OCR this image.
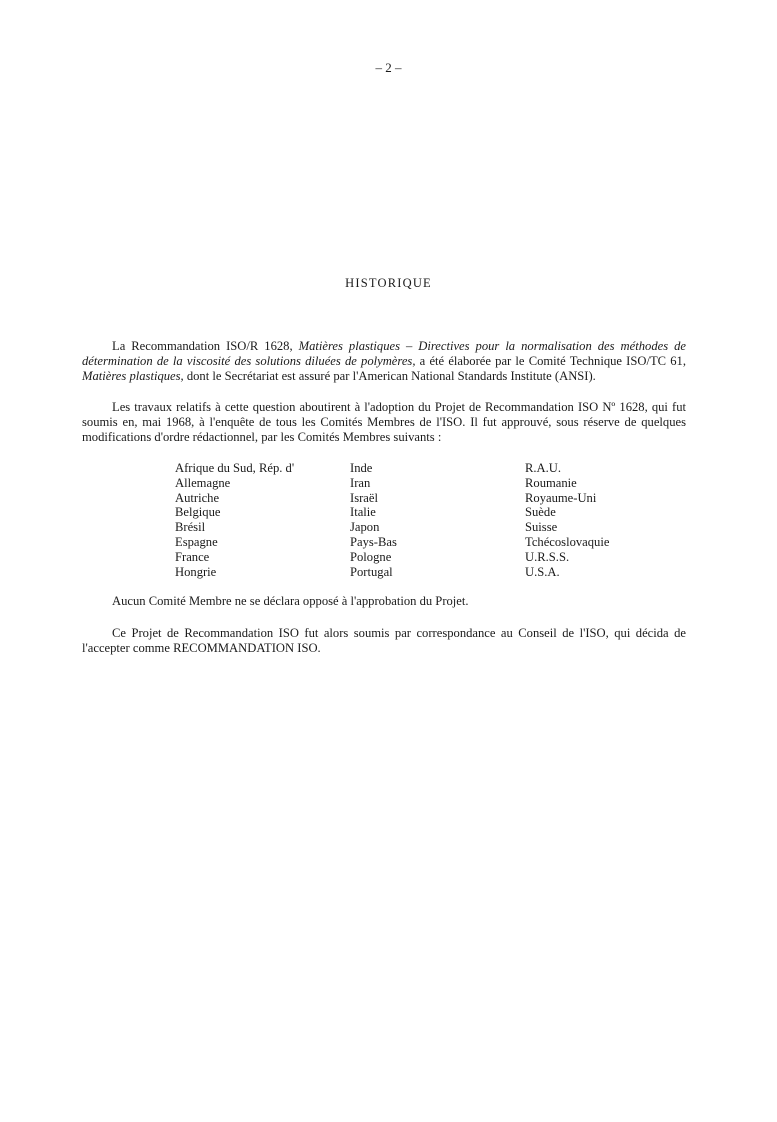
– 2 –
HISTORIQUE
La Recommandation ISO/R 1628, Matières plastiques – Directives pour la normalisation des méthodes de détermination de la viscosité des solutions diluées de polymères, a été élaborée par le Comité Technique ISO/TC 61, Matières plastiques, dont le Secrétariat est assuré par l'American National Standards Institute (ANSI).
Les travaux relatifs à cette question aboutirent à l'adoption du Projet de Recommandation ISO Nº 1628, qui fut soumis en, mai 1968, à l'enquête de tous les Comités Membres de l'ISO. Il fut approuvé, sous réserve de quelques modifications d'ordre rédactionnel, par les Comités Membres suivants :
Afrique du Sud, Rép. d'
Allemagne
Autriche
Belgique
Brésil
Espagne
France
Hongrie
Inde
Iran
Israël
Italie
Japon
Pays-Bas
Pologne
Portugal
R.A.U.
Roumanie
Royaume-Uni
Suède
Suisse
Tchécoslovaquie
U.R.S.S.
U.S.A.
Aucun Comité Membre ne se déclara opposé à l'approbation du Projet.
Ce Projet de Recommandation ISO fut alors soumis par correspondance au Conseil de l'ISO, qui décida de l'accepter comme RECOMMANDATION ISO.
